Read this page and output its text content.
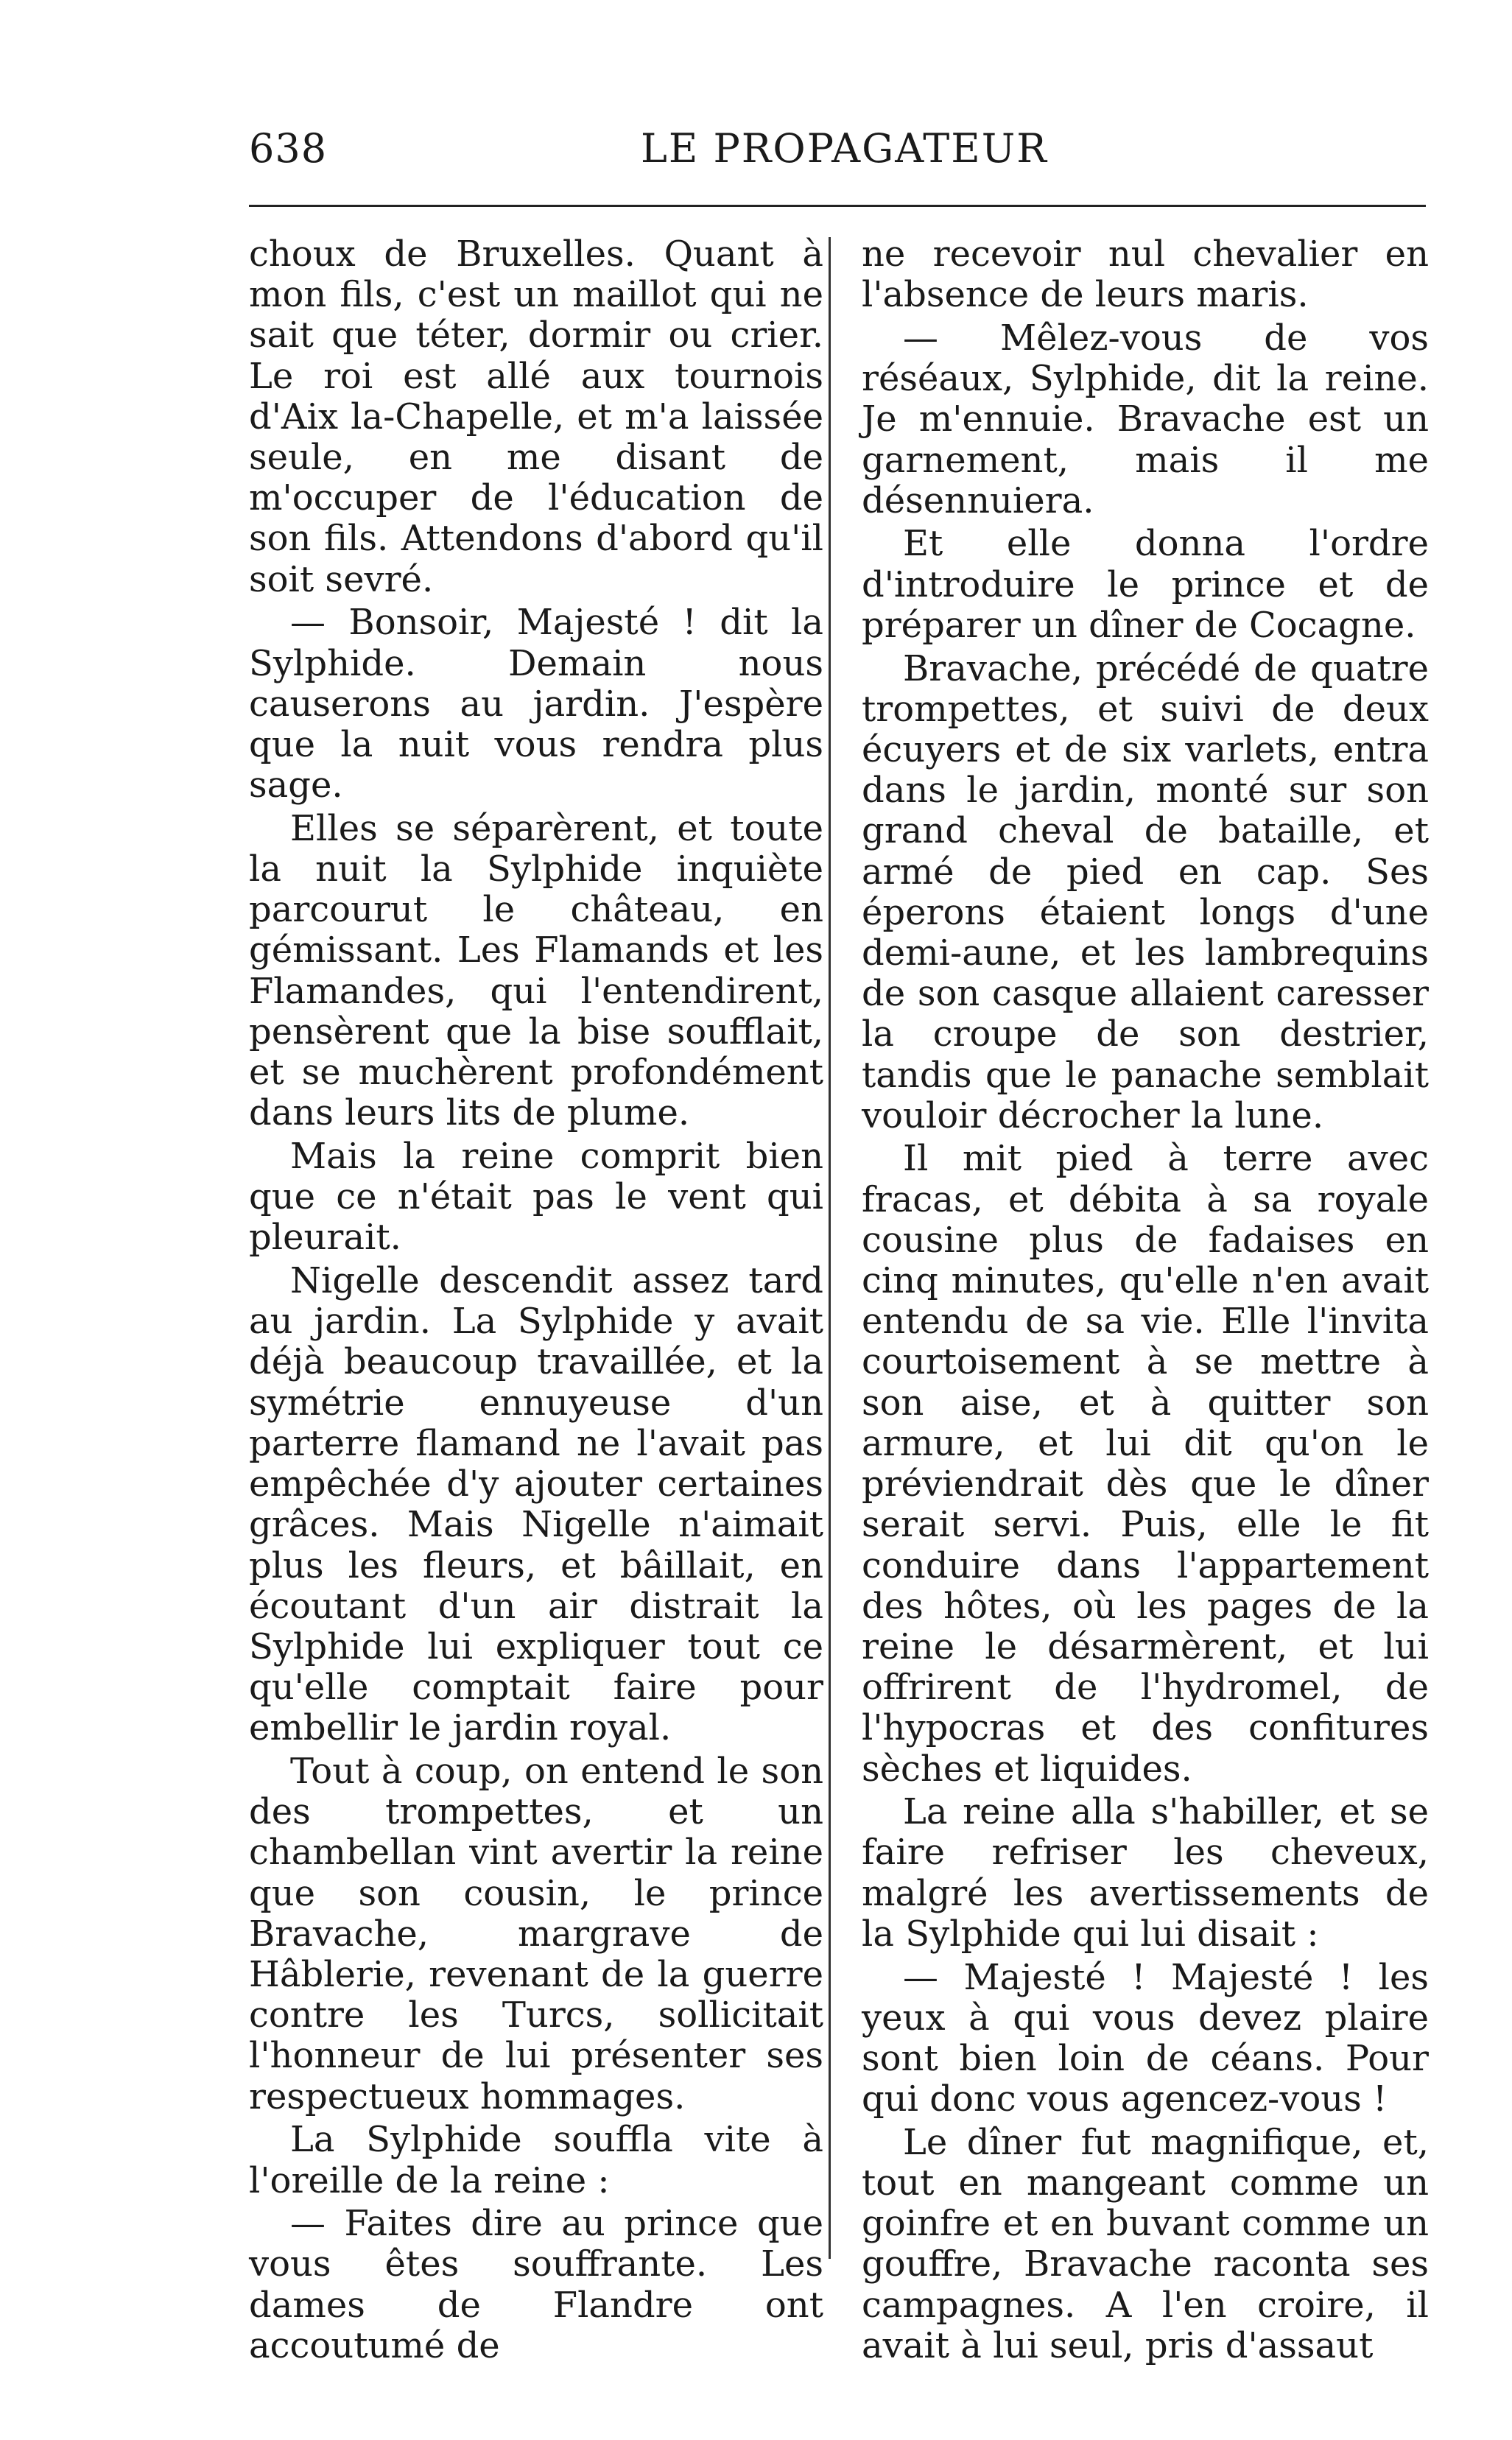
638	LE PROPAGATEUR

choux de Bruxelles. Quant à mon fils, c'est un maillot qui ne sait que téter, dormir ou crier. Le roi est allé aux tournois d'Aix la-Chapelle, et m'a laissée seule, en me disant de m'occuper de l'éducation de son fils. Attendons d'abord qu'il soit sevré.

— Bonsoir, Majesté ! dit la Sylphide. Demain nous causerons au jardin. J'espère que la nuit vous rendra plus sage.

Elles se séparèrent, et toute la nuit la Sylphide inquiète parcourut le château, en gémissant. Les Flamands et les Flamandes, qui l'entendirent, pensèrent que la bise soufflait, et se muchèrent profondément dans leurs lits de plume.

Mais la reine comprit bien que ce n'était pas le vent qui pleurait.

Nigelle descendit assez tard au jardin. La Sylphide y avait déjà beaucoup travaillée, et la symétrie ennuyeuse d'un parterre flamand ne l'avait pas empêchée d'y ajouter certaines grâces. Mais Nigelle n'aimait plus les fleurs, et bâillait, en écoutant d'un air distrait la Sylphide lui expliquer tout ce qu'elle comptait faire pour embellir le jardin royal.

Tout à coup, on entend le son des trompettes, et un chambellan vint avertir la reine que son cousin, le prince Bravache, margrave de Hâblerie, revenant de la guerre contre les Turcs, sollicitait l'honneur de lui présenter ses respectueux hommages.

La Sylphide souffla vite à l'oreille de la reine :

— Faites dire au prince que vous êtes souffrante. Les dames de Flandre ont accoutumé de

ne recevoir nul chevalier en l'absence de leurs maris.

— Mêlez-vous de vos réséaux, Sylphide, dit la reine. Je m'ennuie. Bravache est un garnement, mais il me désennuiera.

Et elle donna l'ordre d'introduire le prince et de préparer un dîner de Cocagne.

Bravache, précédé de quatre trompettes, et suivi de deux écuyers et de six varlets, entra dans le jardin, monté sur son grand cheval de bataille, et armé de pied en cap. Ses éperons étaient longs d'une demi-aune, et les lambrequins de son casque allaient caresser la croupe de son destrier, tandis que le panache semblait vouloir décrocher la lune.

Il mit pied à terre avec fracas, et débita à sa royale cousine plus de fadaises en cinq minutes, qu'elle n'en avait entendu de sa vie. Elle l'invita courtoisement à se mettre à son aise, et à quitter son armure, et lui dit qu'on le préviendrait dès que le dîner serait servi. Puis, elle le fit conduire dans l'appartement des hôtes, où les pages de la reine le désarmèrent, et lui offrirent de l'hydromel, de l'hypocras et des confitures sèches et liquides.

La reine alla s'habiller, et se faire refriser les cheveux, malgré les avertissements de la Sylphide qui lui disait :

— Majesté ! Majesté ! les yeux à qui vous devez plaire sont bien loin de céans. Pour qui donc vous agencez-vous !

Le dîner fut magnifique, et, tout en mangeant comme un goinfre et en buvant comme un gouffre, Bravache raconta ses campagnes. A l'en croire, il avait à lui seul, pris d'assaut
